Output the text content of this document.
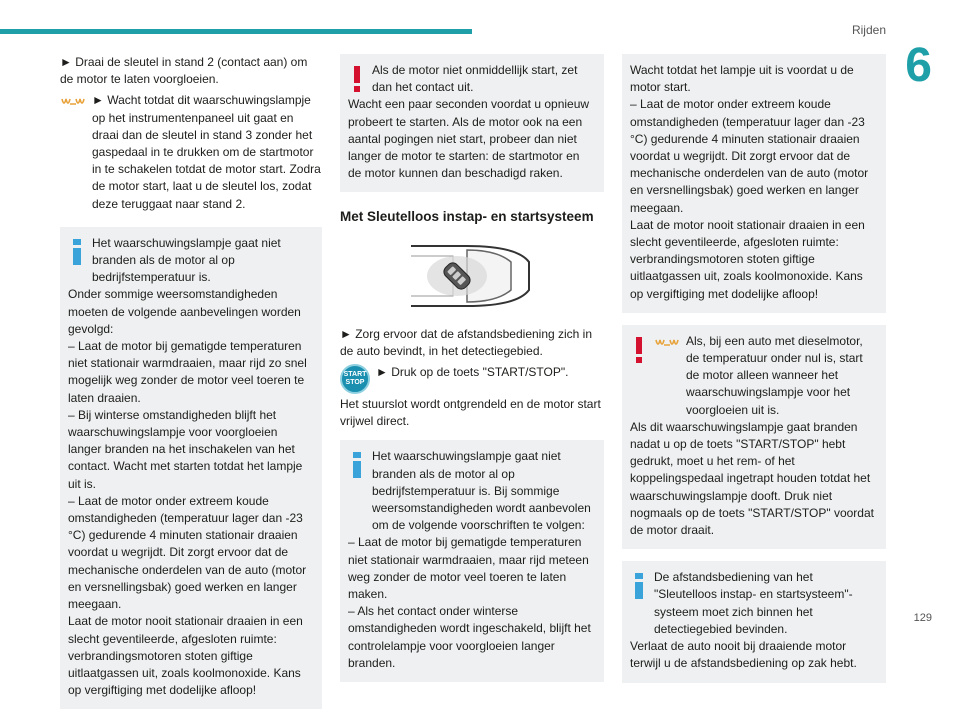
Rijden
6

► Draai de sleutel in stand 2 (contact aan) om de motor te laten voorgloeien.

► Wacht totdat dit waarschuwingslampje op het instrumentenpaneel uit gaat en draai dan de sleutel in stand 3 zonder het gaspedaal in te drukken om de startmotor in te schakelen totdat de motor start. Zodra de motor start, laat u de sleutel los, zodat deze teruggaat naar stand 2.

Het waarschuwingslampje gaat niet branden als de motor al op bedrijfstemperatuur is.

Onder sommige weersomstandigheden moeten de volgende aanbevelingen worden gevolgd:

– Laat de motor bij gematigde temperaturen niet stationair warmdraaien, maar rijd zo snel mogelijk weg zonder de motor veel toeren te laten draaien.

– Bij winterse omstandigheden blijft het waarschuwingslampje voor voorgloeien langer branden na het inschakelen van het contact. Wacht met starten totdat het lampje uit is.

– Laat de motor onder extreem koude omstandigheden (temperatuur lager dan -23 °C) gedurende 4 minuten stationair draaien voordat u wegrijdt. Dit zorgt ervoor dat de mechanische onderdelen van de auto (motor en versnellingsbak) goed werken en langer meegaan.

Laat de motor nooit stationair draaien in een slecht geventileerde, afgesloten ruimte: verbrandingsmotoren stoten giftige uitlaatgassen uit, zoals koolmonoxide. Kans op vergiftiging met dodelijke afloop!

Als de motor niet onmiddellijk start, zet dan het contact uit.

Wacht een paar seconden voordat u opnieuw probeert te starten. Als de motor ook na een aantal pogingen niet start, probeer dan niet langer de motor te starten: de startmotor en de motor kunnen dan beschadigd raken.

Met Sleutelloos instap- en startsysteem

► Zorg ervoor dat de afstandsbediening zich in de auto bevindt, in het detectiegebied.

START
STOP

► Druk op de toets "START/STOP".

Het stuurslot wordt ontgrendeld en de motor start vrijwel direct.

Het waarschuwingslampje gaat niet branden als de motor al op bedrijfstemperatuur is. Bij sommige weersomstandigheden wordt aanbevolen om de volgende voorschriften te volgen:

– Laat de motor bij gematigde temperaturen niet stationair warmdraaien, maar rijd meteen weg zonder de motor veel toeren te laten maken.

– Als het contact onder winterse omstandigheden wordt ingeschakeld, blijft het controlelampje voor voorgloeien langer branden.

Wacht totdat het lampje uit is voordat u de motor start.

– Laat de motor onder extreem koude omstandigheden (temperatuur lager dan -23 °C) gedurende 4 minuten stationair draaien voordat u wegrijdt. Dit zorgt ervoor dat de mechanische onderdelen van de auto (motor en versnellingsbak) goed werken en langer meegaan.

Laat de motor nooit stationair draaien in een slecht geventileerde, afgesloten ruimte: verbrandingsmotoren stoten giftige uitlaatgassen uit, zoals koolmonoxide. Kans op vergiftiging met dodelijke afloop!

Als, bij een auto met dieselmotor, de temperatuur onder nul is, start de motor alleen wanneer het waarschuwingslampje voor het voorgloeien uit is.

Als dit waarschuwingslampje gaat branden nadat u op de toets "START/STOP" hebt gedrukt, moet u het rem- of het koppelingspedaal ingetrapt houden totdat het waarschuwingslampje dooft. Druk niet nogmaals op de toets "START/STOP" voordat de motor draait.

De afstandsbediening van het "Sleutelloos instap- en startsysteem"-systeem moet zich binnen het detectiegebied bevinden.

Verlaat de auto nooit bij draaiende motor terwijl u de afstandsbediening op zak hebt.

129
